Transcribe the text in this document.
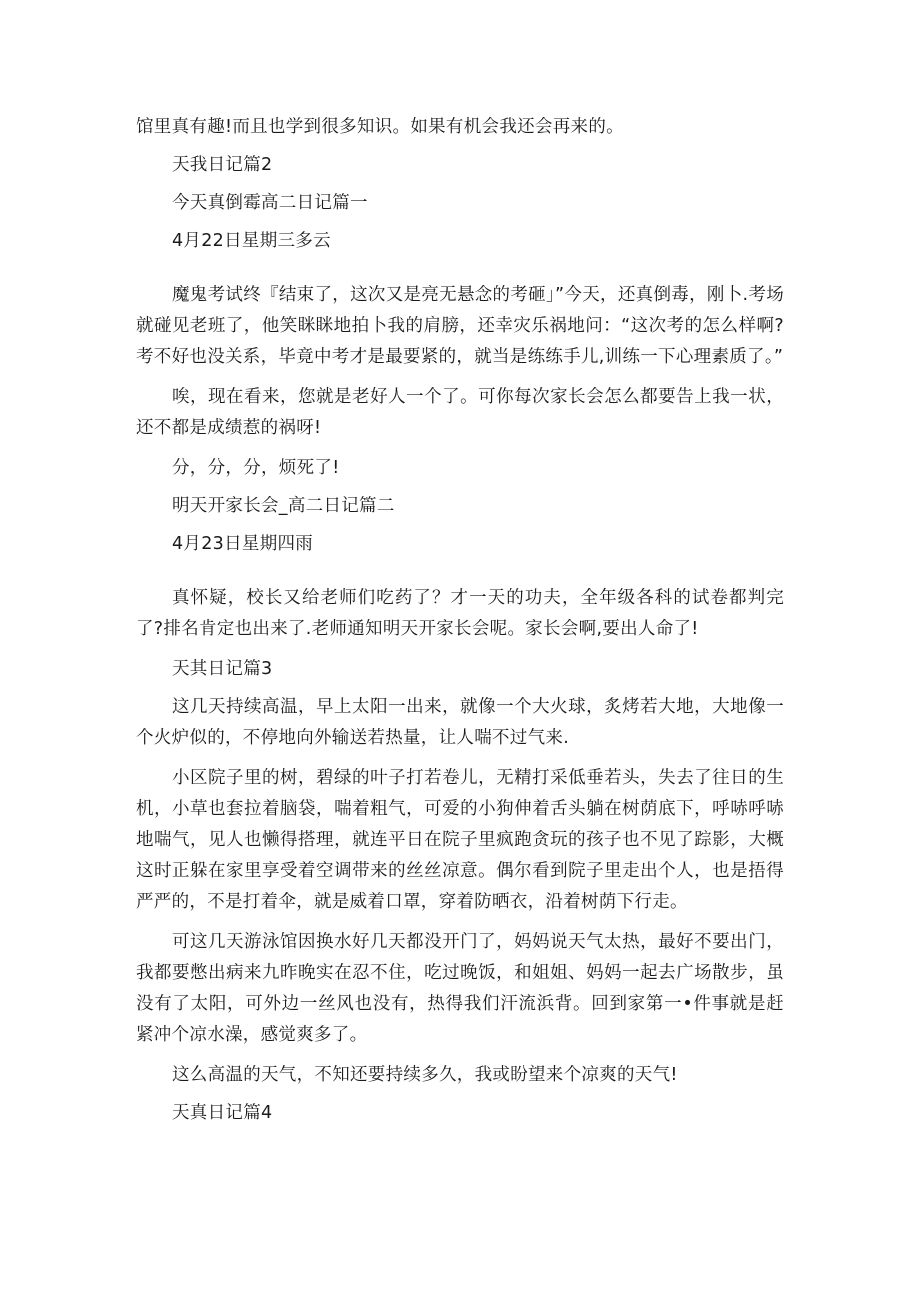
馆里真有趣!而且也学到很多知识。如果有机会我还会再来的。

天我日记篇2

今天真倒霉高二日记篇一

4月22日星期三多云

魔鬼考试终『结束了，这次又是亮无悬念的考砸」”今天，还真倒毒，刚卜.考场就碰见老班了，他笑眯眯地拍卜我的肩膀，还幸灾乐祸地问：“这次考的怎么样啊?考不好也没关系，毕竟中考才是最要紧的，就当是练练手儿,训练一下心理素质了。”

唉，现在看来，您就是老好人一个了。可你每次家长会怎么都要告上我一状，还不都是成绩惹的祸呀!

分，分，分，烦死了!

明天开家长会_高二日记篇二

4月23日星期四雨

真怀疑，校长又给老师们吃药了？才一天的功夫，全年级各科的试卷都判完了?排名肯定也出来了.老师通知明天开家长会呢。家长会啊,要出人命了!

天其日记篇3

这几天持续高温，早上太阳一出来，就像一个大火球，炙烤若大地，大地像一个火炉似的，不停地向外输送若热量，让人喘不过气来.

小区院子里的树，碧绿的叶子打若卷儿，无精打采低垂若头，失去了往日的生机，小草也套拉着脑袋，喘着粗气，可爱的小狗伸着舌头躺在树荫底下，呼哧呼哧地喘气，见人也懒得搭理，就连平日在院子里疯跑贪玩的孩子也不见了踪影，大概这时正躲在家里享受着空调带来的丝丝凉意。偶尔看到院子里走出个人，也是捂得严严的，不是打着伞，就是威着口罩，穿着防晒衣，沿着树荫下行走。

可这几天游泳馆因换水好几天都没开门了，妈妈说天气太热，最好不要出门，我都要憋出病来九昨晚实在忍不住，吃过晚饭，和姐姐、妈妈一起去广场散步，虽没有了太阳，可外边一丝风也没有，热得我们汗流浜背。回到家第一•件事就是赶紧冲个凉水澡，感觉爽多了。

这么高温的天气，不知还要持续多久，我或盼望来个凉爽的天气!

天真日记篇4
